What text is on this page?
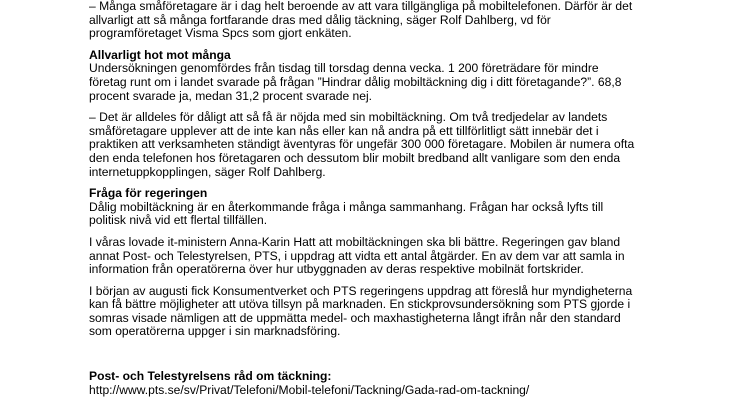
– Många småföretagare är i dag helt beroende av att vara tillgängliga på mobiltelefonen. Därför är det

allvarligt att så många fortfarande dras med dålig täckning, säger Rolf Dahlberg, vd för

programföretaget Visma Spcs som gjort enkäten.

Allvarligt hot mot många

Undersökningen genomfördes från tisdag till torsdag denna vecka. 1 200 företrädare för mindre

företag runt om i landet svarade på frågan ”Hindrar dålig mobiltäckning dig i ditt företagande?”. 68,8

procent svarade ja, medan 31,2 procent svarade nej.

– Det är alldeles för dåligt att så få är nöjda med sin mobiltäckning. Om två tredjedelar av landets

småföretagare upplever att de inte kan nås eller kan nå andra på ett tillförlitligt sätt innebär det i

praktiken att verksamheten ständigt äventyras för ungefär 300 000 företagare. Mobilen är numera ofta

den enda telefonen hos företagaren och dessutom blir mobilt bredband allt vanligare som den enda

internetuppkopplingen, säger Rolf Dahlberg.

Fråga för regeringen

Dålig mobiltäckning är en återkommande fråga i många sammanhang. Frågan har också lyfts till

politisk nivå vid ett flertal tillfällen.

I våras lovade it-ministern Anna-Karin Hatt att mobiltäckningen ska bli bättre. Regeringen gav bland

annat Post- och Telestyrelsen, PTS, i uppdrag att vidta ett antal åtgärder. En av dem var att samla in

information från operatörerna över hur utbyggnaden av deras respektive mobilnät fortskrider.

I början av augusti fick Konsumentverket och PTS regeringens uppdrag att föreslå hur myndigheterna

kan få bättre möjligheter att utöva tillsyn på marknaden. En stickprovsundersökning som PTS gjorde i

somras visade nämligen att de uppmätta medel- och maxhastigheterna långt ifrån når den standard

som operatörerna uppger i sin marknadsföring.

Post- och Telestyrelsens råd om täckning:

http://www.pts.se/sv/Privat/Telefoni/Mobil-telefoni/Tackning/Gada-rad-om-tackning/
